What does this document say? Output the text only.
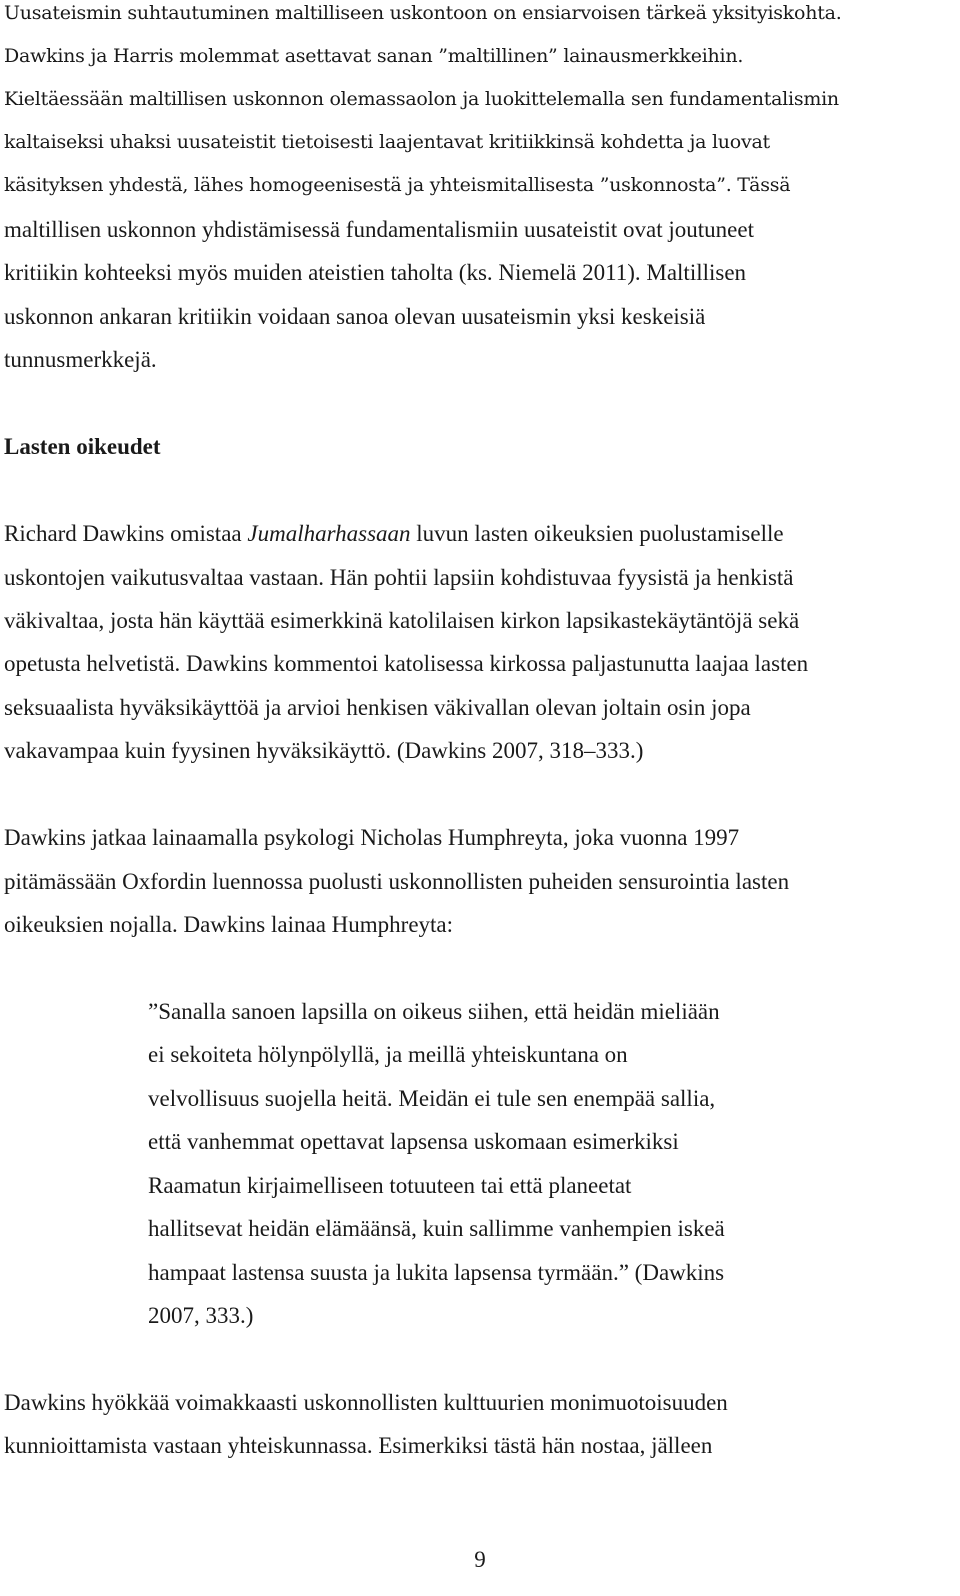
Uusateismin suhtautuminen maltilliseen uskontoon on ensiarvoisen tärkeä yksityiskohta.

Dawkins ja Harris molemmat asettavat sanan ”maltillinen” lainausmerkkeihin.

Kieltäessään maltillisen uskonnon olemassaolon ja luokittelemalla sen fundamentalismin

kaltaiseksi uhaksi uusateistit tietoisesti laajentavat kritiikkinsä kohdetta ja luovat

käsityksen yhdestä, lähes homogeenisestä ja yhteismitallisesta ”uskonnosta”. Tässä

maltillisen uskonnon yhdistämisessä fundamentalismiin uusateistit ovat joutuneet

kritiikin kohteeksi myös muiden ateistien taholta (ks. Niemelä 2011). Maltillisen

uskonnon ankaran kritiikin voidaan sanoa olevan uusateismin yksi keskeisiä

tunnusmerkkejä.

Lasten oikeudet

Richard Dawkins omistaa Jumalharhassaan luvun lasten oikeuksien puolustamiselle

uskontojen vaikutusvaltaa vastaan. Hän pohtii lapsiin kohdistuvaa fyysistä ja henkistä

väkivaltaa, josta hän käyttää esimerkkinä katolilaisen kirkon lapsikastekäytäntöjä sekä

opetusta helvetistä. Dawkins kommentoi katolisessa kirkossa paljastunutta laajaa lasten

seksuaalista hyväksikäyttöä ja arvioi henkisen väkivallan olevan joltain osin jopa

vakavampaa kuin fyysinen hyväksikäyttö. (Dawkins 2007, 318–333.)

Dawkins jatkaa lainaamalla psykologi Nicholas Humphreyta, joka vuonna 1997

pitämässään Oxfordin luennossa puolusti uskonnollisten puheiden sensurointia lasten

oikeuksien nojalla. Dawkins lainaa Humphreyta:

”Sanalla sanoen lapsilla on oikeus siihen, että heidän mieliään

ei sekoiteta hölynpölyllä, ja meillä yhteiskuntana on

velvollisuus suojella heitä. Meidän ei tule sen enempää sallia,

että vanhemmat opettavat lapsensa uskomaan esimerkiksi

Raamatun kirjaimelliseen totuuteen tai että planeetat

hallitsevat heidän elämäänsä, kuin sallimme vanhempien iskeä

hampaat lastensa suusta ja lukita lapsensa tyrmään.” (Dawkins

2007, 333.)

Dawkins hyökkää voimakkaasti uskonnollisten kulttuurien monimuotoisuuden

kunnioittamista vastaan yhteiskunnassa. Esimerkiksi tästä hän nostaa, jälleen

9
